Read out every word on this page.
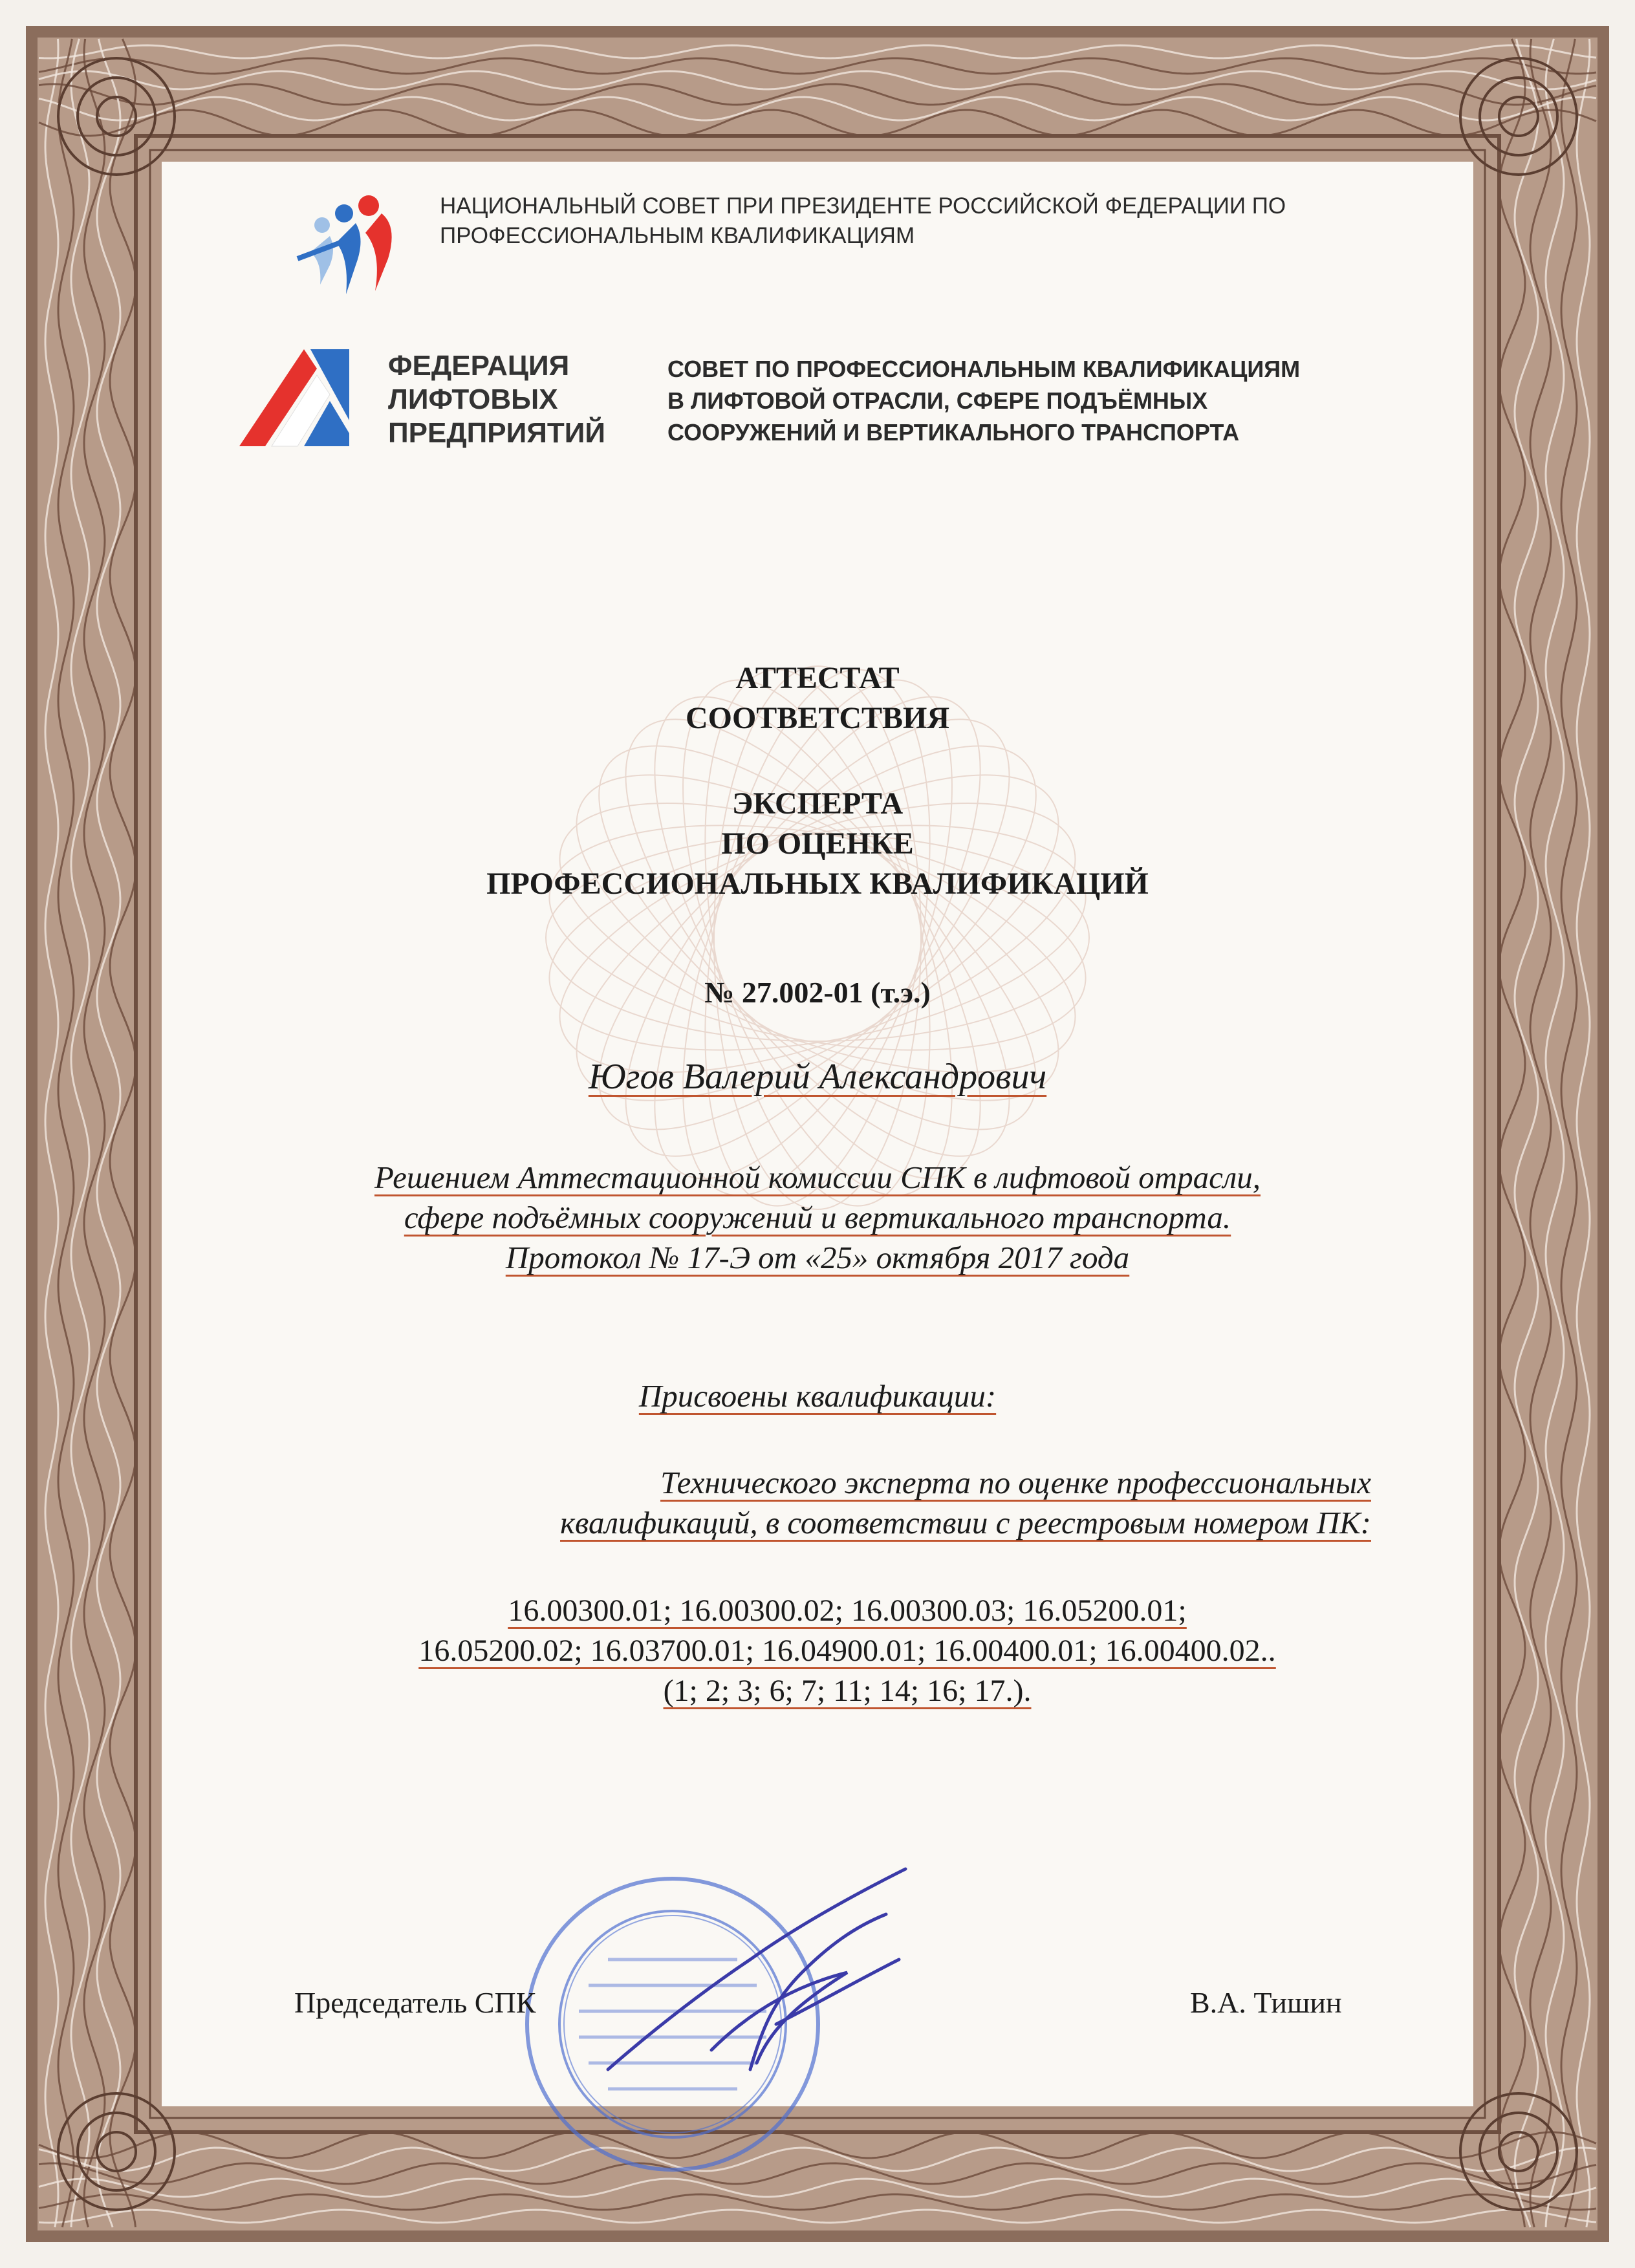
НАЦИОНАЛЬНЫЙ СОВЕТ ПРИ ПРЕЗИДЕНТЕ РОССИЙСКОЙ ФЕДЕРАЦИИ ПО ПРОФЕССИОНАЛЬНЫМ КВАЛИФИКАЦИЯМ
ФЕДЕРАЦИЯ
ЛИФТОВЫХ
ПРЕДПРИЯТИЙ
СОВЕТ ПО ПРОФЕССИОНАЛЬНЫМ КВАЛИФИКАЦИЯМ
В ЛИФТОВОЙ ОТРАСЛИ, СФЕРЕ ПОДЪЁМНЫХ
СООРУЖЕНИЙ И ВЕРТИКАЛЬНОГО ТРАНСПОРТА
АТТЕСТАТ
СООТВЕТСТВИЯ
ЭКСПЕРТА
ПО ОЦЕНКЕ
ПРОФЕССИОНАЛЬНЫХ КВАЛИФИКАЦИЙ
№ 27.002-01 (т.э.)
Югов Валерий Александрович
Решением Аттестационной комиссии СПК в лифтовой отрасли,
сфере подъёмных сооружений и вертикального транспорта.
Протокол № 17-Э от «25» октября 2017 года
Присвоены квалификации:
Технического эксперта по оценке профессиональных
квалификаций, в соответствии с реестровым номером ПК:
16.00300.01; 16.00300.02; 16.00300.03; 16.05200.01;
16.05200.02; 16.03700.01; 16.04900.01; 16.00400.01; 16.00400.02..
(1; 2; 3; 6; 7; 11; 14; 16; 17.).
Председатель СПК	В.А. Тишин
